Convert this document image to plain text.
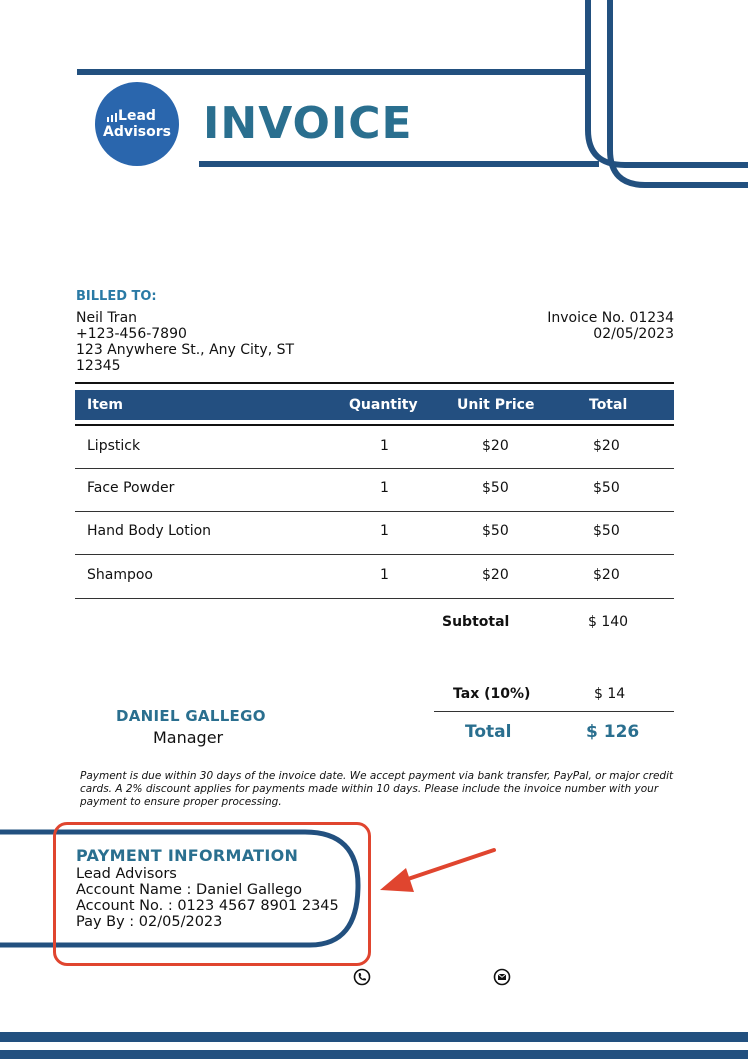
Lead
Advisors INVOICE
BILLED TO:
Neil Tran
+123-456-7890
123 Anywhere St., Any City, ST
12345
Invoice No. 01234
02/05/2023
Item	Quantity	Unit Price	Total
Lipstick	1	$20	$20
Face Powder	1	$50	$50
Hand Body Lotion	1	$50	$50
Shampoo	1	$20	$20
Subtotal	$ 140
Tax (10%)	$ 14
Total	$ 126
DANIEL GALLEGO
Manager
Payment is due within 30 days of the invoice date. We accept payment via bank transfer, PayPal, or major credit cards. A 2% discount applies for payments made within 10 days. Please include the invoice number with your payment to ensure proper processing.
PAYMENT INFORMATION
Lead Advisors
Account Name : Daniel Gallego
Account No. : 0123 4567 8901 2345
Pay By : 02/05/2023
